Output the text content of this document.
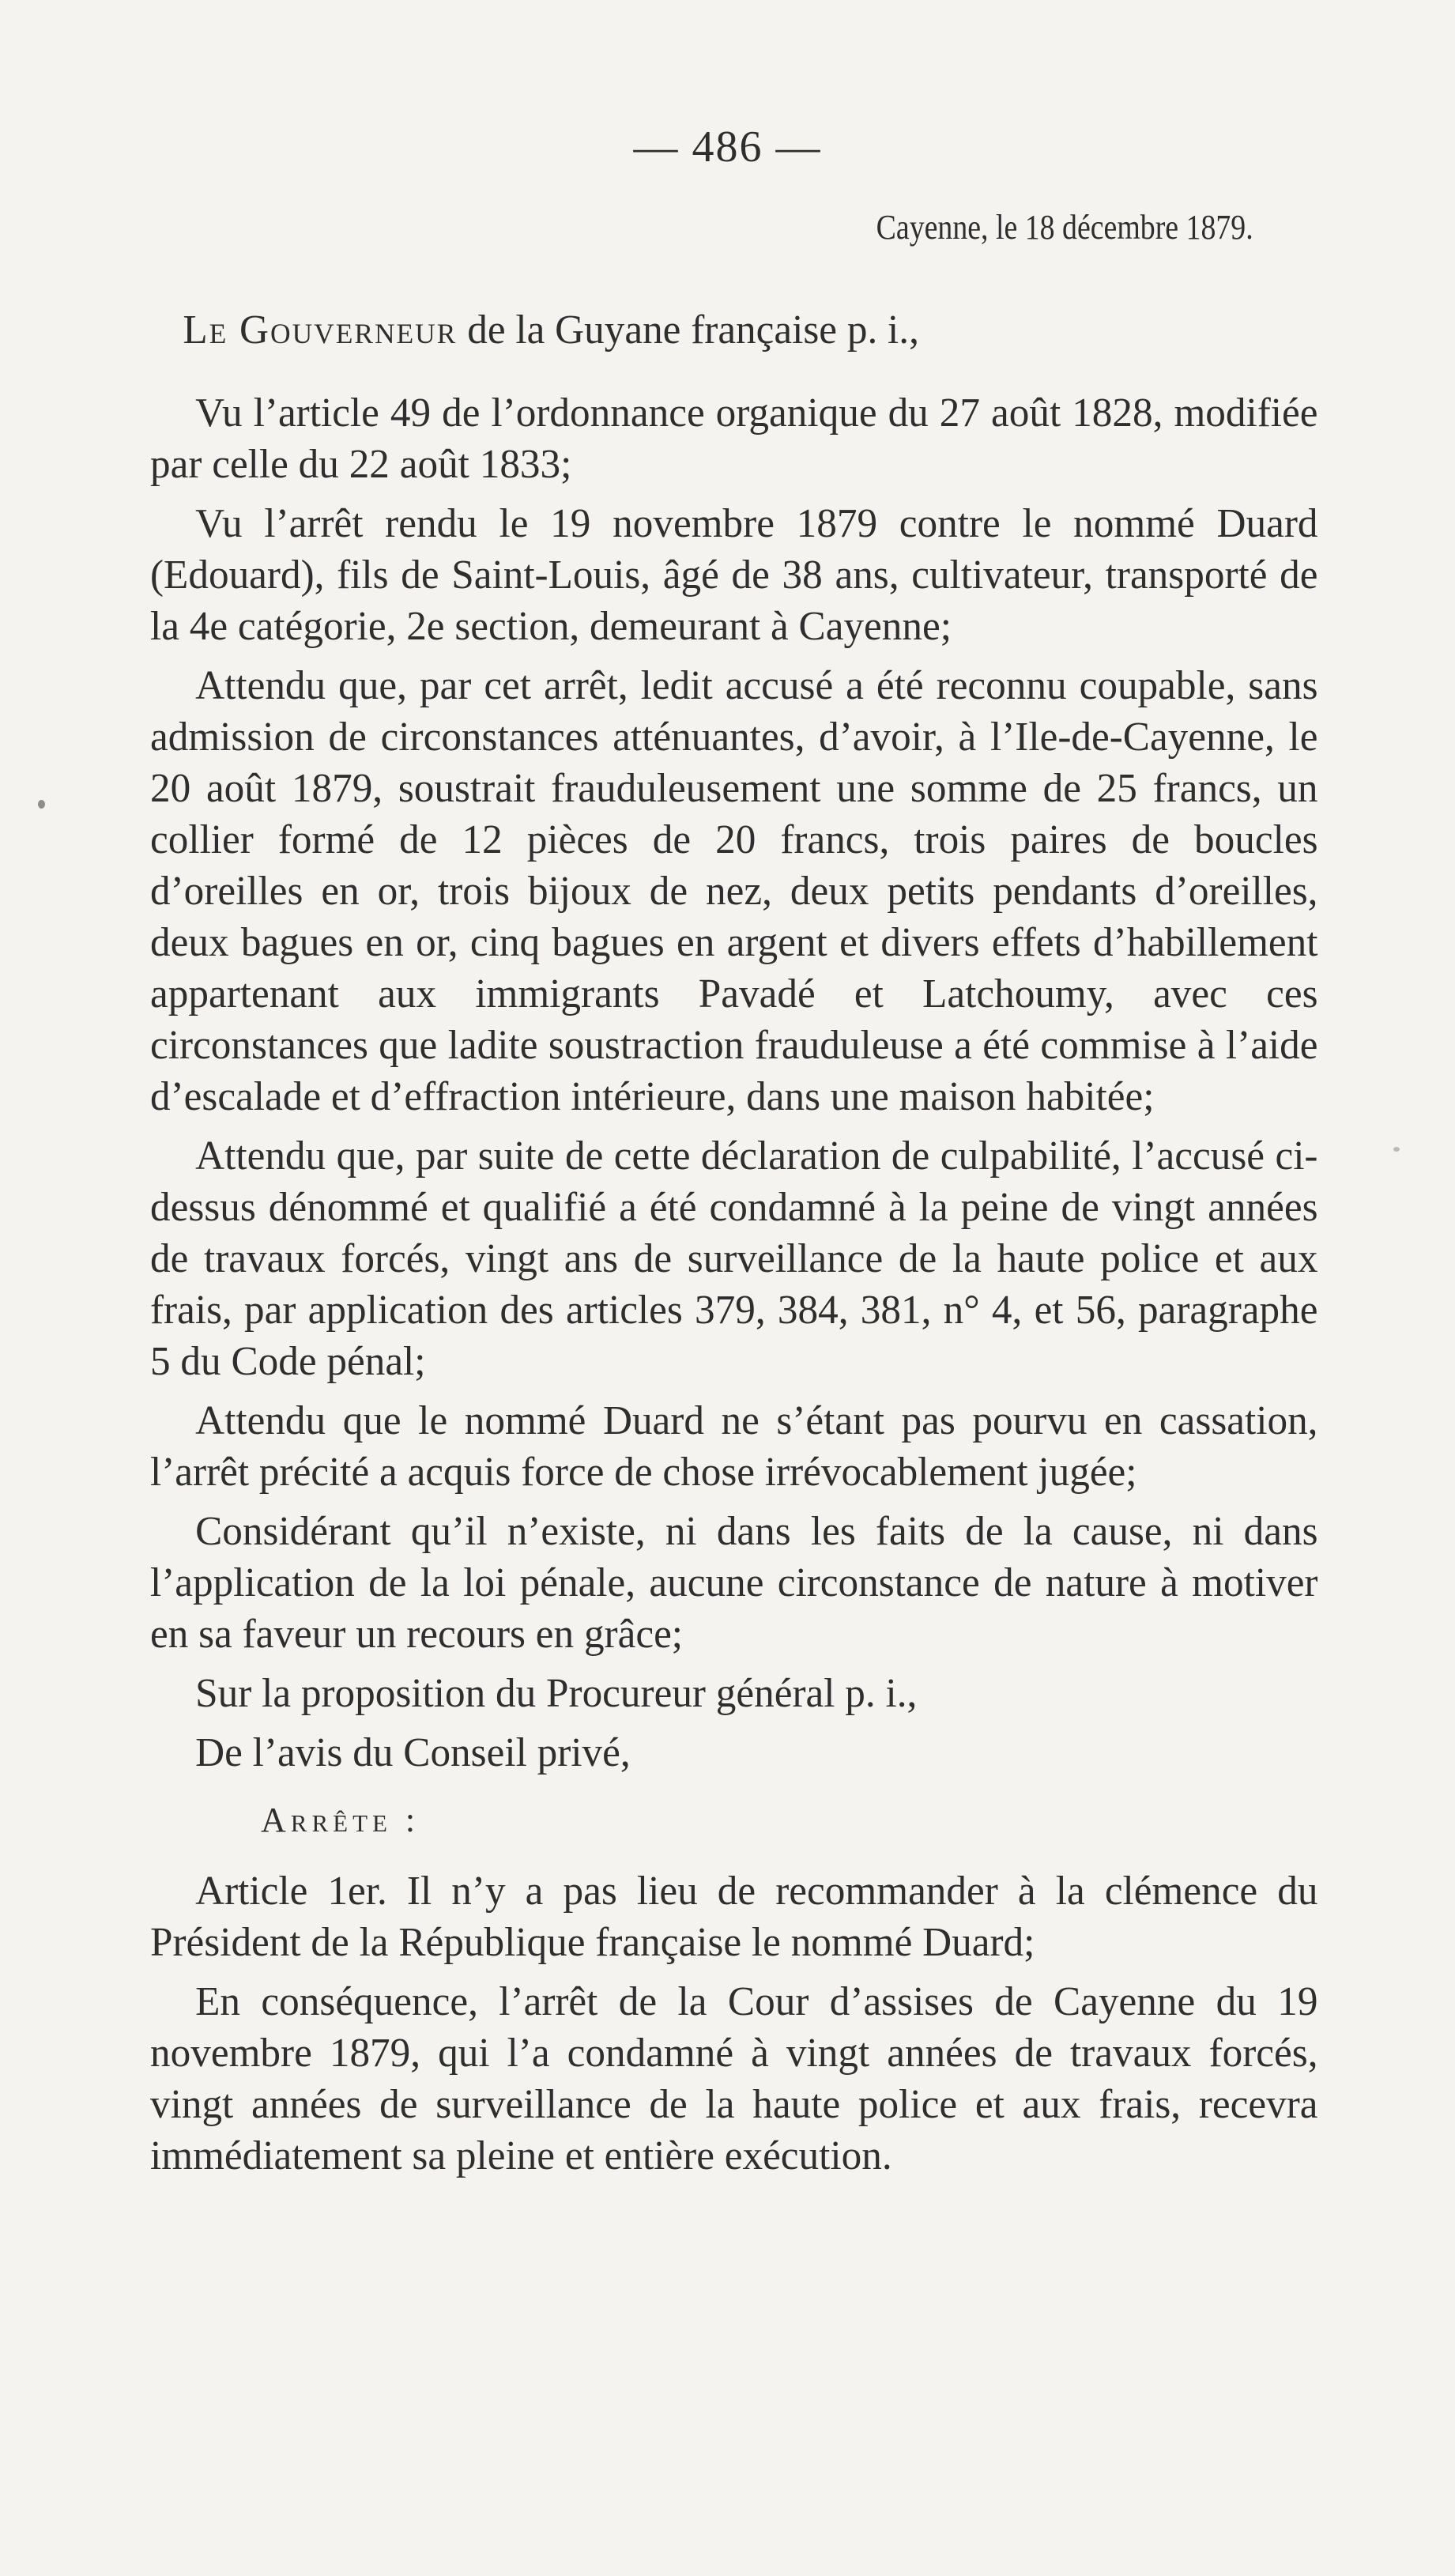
— 486 —
Cayenne, le 18 décembre 1879.

Le Gouverneur de la Guyane française p. i.,

Vu l’article 49 de l’ordonnance organique du 27 août 1828, modifiée par celle du 22 août 1833;

Vu l’arrêt rendu le 19 novembre 1879 contre le nommé Duard (Edouard), fils de Saint-Louis, âgé de 38 ans, cultivateur, transporté de la 4e catégorie, 2e section, demeurant à Cayenne;

Attendu que, par cet arrêt, ledit accusé a été reconnu coupable, sans admission de circonstances atténuantes, d’avoir, à l’Ile-de-Cayenne, le 20 août 1879, soustrait frauduleusement une somme de 25 francs, un collier formé de 12 pièces de 20 francs, trois paires de boucles d’oreilles en or, trois bijoux de nez, deux petits pendants d’oreilles, deux bagues en or, cinq bagues en argent et divers effets d’habillement appartenant aux immigrants Pavadé et Latchoumy, avec ces circonstances que ladite soustraction frauduleuse a été commise à l’aide d’escalade et d’effraction intérieure, dans une maison habitée;

Attendu que, par suite de cette déclaration de culpabilité, l’accusé ci-dessus dénommé et qualifié a été condamné à la peine de vingt années de travaux forcés, vingt ans de surveillance de la haute police et aux frais, par application des articles 379, 384, 381, n° 4, et 56, paragraphe 5 du Code pénal;

Attendu que le nommé Duard ne s’étant pas pourvu en cassation, l’arrêt précité a acquis force de chose irrévocablement jugée;

Considérant qu’il n’existe, ni dans les faits de la cause, ni dans l’application de la loi pénale, aucune circonstance de nature à motiver en sa faveur un recours en grâce;

Sur la proposition du Procureur général p. i.,

De l’avis du Conseil privé,

Arrête :

Article 1er. Il n’y a pas lieu de recommander à la clémence du Président de la République française le nommé Duard;

En conséquence, l’arrêt de la Cour d’assises de Cayenne du 19 novembre 1879, qui l’a condamné à vingt années de travaux forcés, vingt années de surveillance de la haute police et aux frais, recevra immédiatement sa pleine et entière exécution.
